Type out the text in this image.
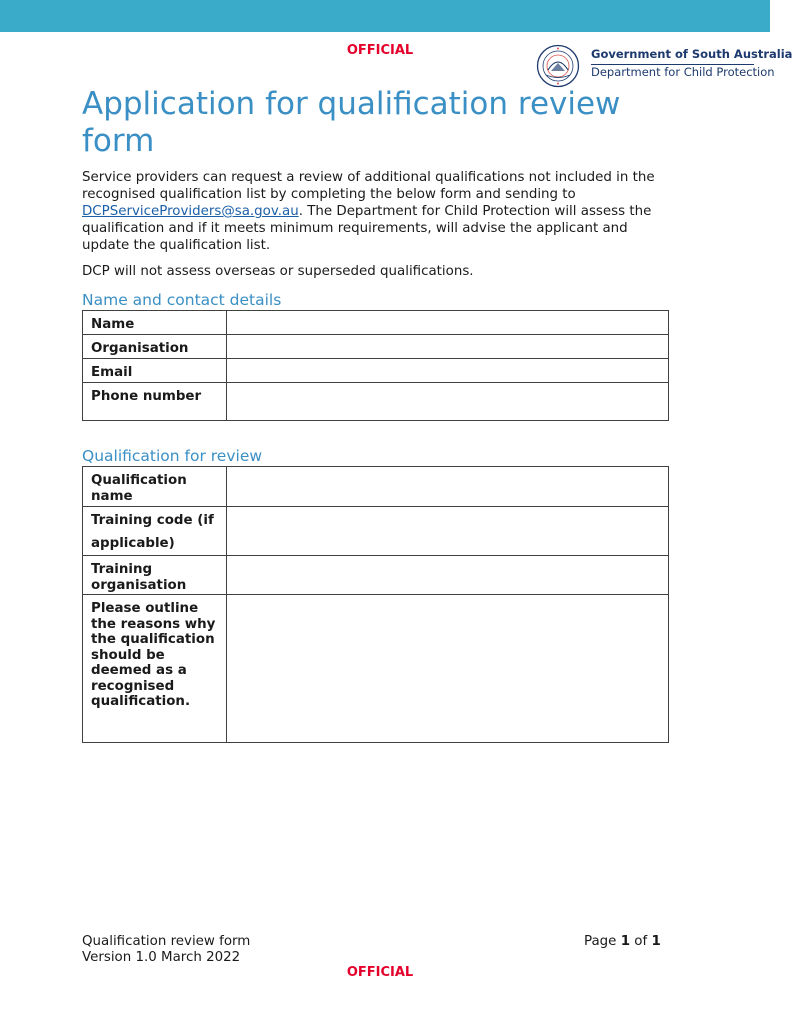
OFFICIAL	Government of South Australia
Department for Child Protection
Application for qualification review form

Service providers can request a review of additional qualifications not included in the recognised qualification list by completing the below form and sending to DCPServiceProviders@sa.gov.au. The Department for Child Protection will assess the qualification and if it meets minimum requirements, will advise the applicant and update the qualification list.

DCP will not assess overseas or superseded qualifications.

Name and contact details
Name	
Organisation	
Email	
Phone number	
Qualification for review
Qualification name	
Training code (if applicable)	
Training organisation	
Please outline the reasons why the qualification should be deemed as a recognised qualification.	
Qualification review form
Version 1.0 March 2022
Page 1 of 1
OFFICIAL
